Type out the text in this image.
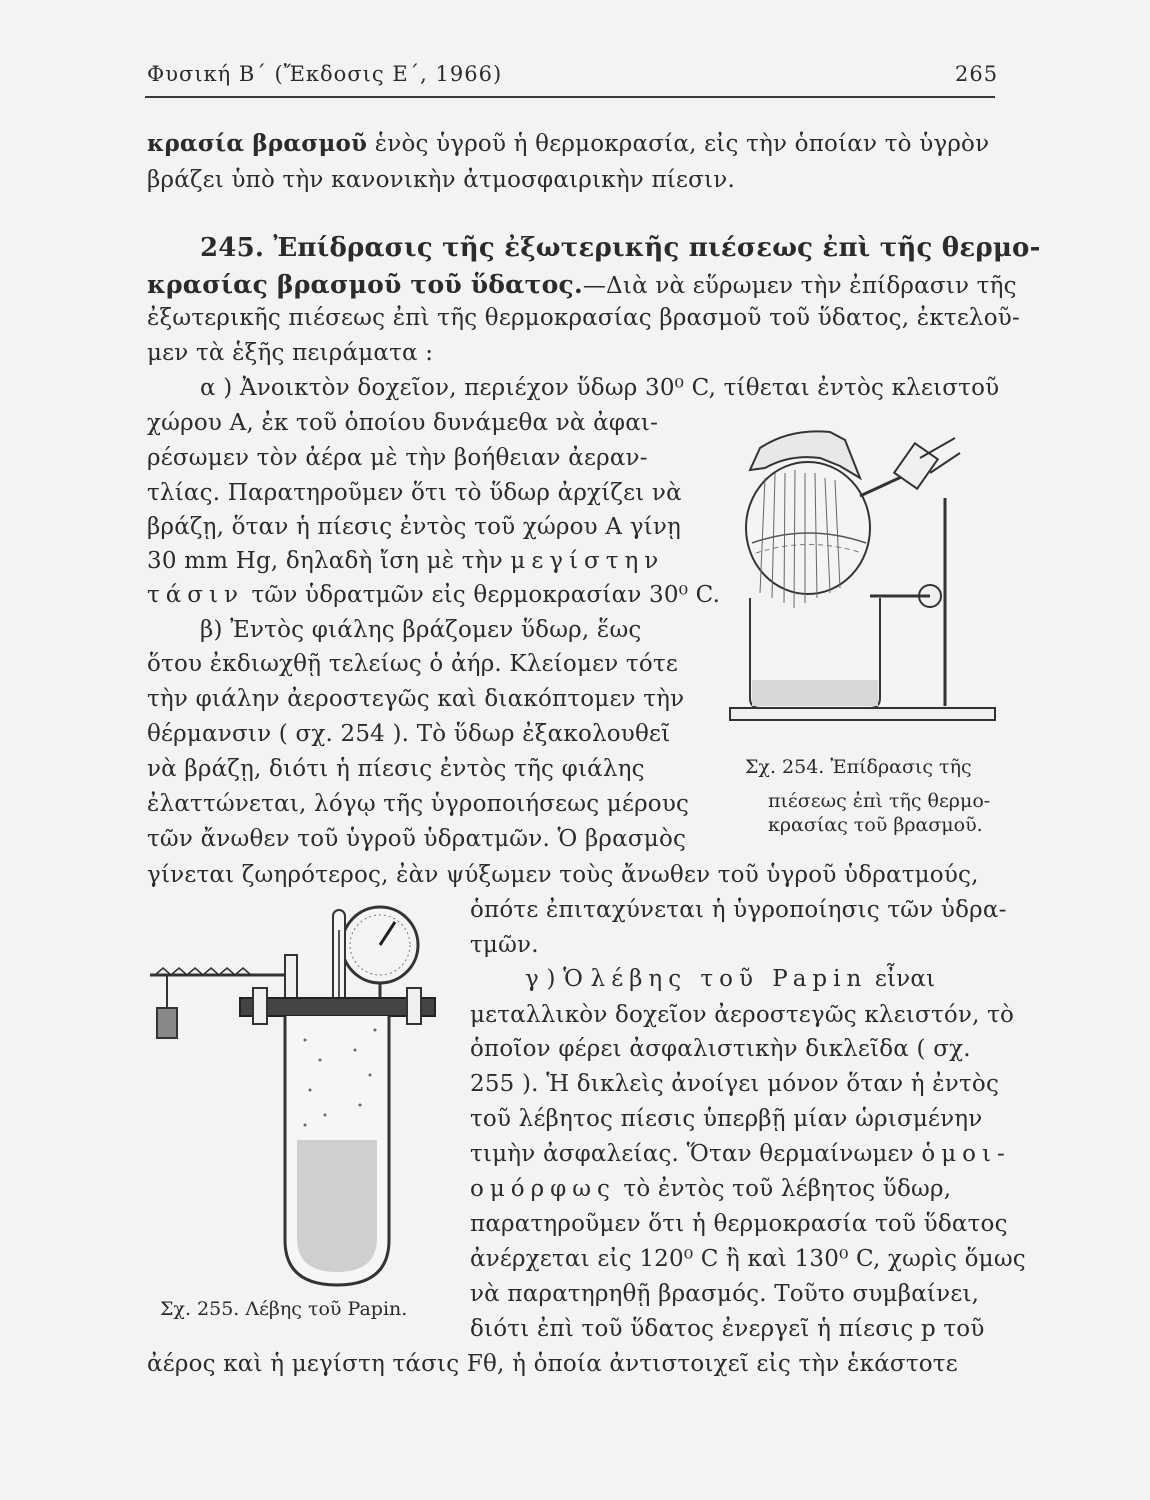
Φυσική Β΄ (Ἔκδοσις Ε΄, 1966)	265
κρασία βρασμοῦ ἑνὸς ὑγροῦ ἡ θερμοκρασία, εἰς τὴν ὁποίαν τὸ ὑγρὸν
βράζει ὑπὸ τὴν κανονικὴν ἀτμοσφαιρικὴν πίεσιν.
245. Ἐπίδρασις τῆς ἐξωτερικῆς πιέσεως ἐπὶ τῆς θερμο-
κρασίας βρασμοῦ τοῦ ὕδατος.—Διὰ νὰ εὕρωμεν τὴν ἐπίδρασιν τῆς
ἐξωτερικῆς πιέσεως ἐπὶ τῆς θερμοκρασίας βρασμοῦ τοῦ ὕδατος, ἐκτελοῦ-
μεν τὰ ἑξῆς πειράματα :
α ) Ἀνοικτὸν δοχεῖον, περιέχον ὕδωρ 30⁰ C, τίθεται ἐντὸς κλειστοῦ
χώρου Α, ἐκ τοῦ ὁποίου δυνάμεθα νὰ ἀφαι-
ρέσωμεν τὸν ἀέρα μὲ τὴν βοήθειαν ἀεραν-
τλίας. Παρατηροῦμεν ὅτι τὸ ὕδωρ ἀρχίζει νὰ
βράζῃ, ὅταν ἡ πίεσις ἐντὸς τοῦ χώρου Α γίνῃ
30 mm Hg, δηλαδὴ ἴση μὲ τὴν μεγίστην
τάσιν τῶν ὑδρατμῶν εἰς θερμοκρασίαν 30⁰ C.
β) Ἐντὸς φιάλης βράζομεν ὕδωρ, ἕως
ὅτου ἐκδιωχθῇ τελείως ὁ ἀήρ. Κλείομεν τότε
τὴν φιάλην ἀεροστεγῶς καὶ διακόπτομεν τὴν
θέρμανσιν ( σχ. 254 ). Τὸ ὕδωρ ἐξακολουθεῖ
νὰ βράζῃ, διότι ἡ πίεσις ἐντὸς τῆς φιάλης
ἐλαττώνεται, λόγῳ τῆς ὑγροποιήσεως μέρους
τῶν ἄνωθεν τοῦ ὑγροῦ ὑδρατμῶν. Ὁ βρασμὸς
γίνεται ζωηρότερος, ἐὰν ψύξωμεν τοὺς ἄνωθεν τοῦ ὑγροῦ ὑδρατμούς,
ὁπότε ἐπιταχύνεται ἡ ὑγροποίησις τῶν ὑδρα-
τμῶν.
Σχ. 254. Ἐπίδρασις τῆς
πιέσεως ἐπὶ τῆς θερμο-
κρασίας τοῦ βρασμοῦ.
γ ) Ὁ λέβης τοῦ Papin εἶναι
μεταλλικὸν δοχεῖον ἀεροστεγῶς κλειστόν, τὸ
ὁποῖον φέρει ἀσφαλιστικὴν δικλεῖδα ( σχ.
255 ). Ἡ δικλεὶς ἀνοίγει μόνον ὅταν ἡ ἐντὸς
τοῦ λέβητος πίεσις ὑπερβῇ μίαν ὡρισμένην
τιμὴν ἀσφαλείας. Ὅταν θερμαίνωμεν ὁμοι-
ομόρφως τὸ ἐντὸς τοῦ λέβητος ὕδωρ,
παρατηροῦμεν ὅτι ἡ θερμοκρασία τοῦ ὕδατος
ἀνέρχεται εἰς 120⁰ C ἢ καὶ 130⁰ C, χωρὶς ὅμως
νὰ παρατηρηθῇ βρασμός. Τοῦτο συμβαίνει,
διότι ἐπὶ τοῦ ὕδατος ἐνεργεῖ ἡ πίεσις p τοῦ
ἀέρος καὶ ἡ μεγίστη τάσις Fθ, ἡ ὁποία ἀντιστοιχεῖ εἰς τὴν ἑκάστοτε
Σχ. 255. Λέβης τοῦ Papin.
